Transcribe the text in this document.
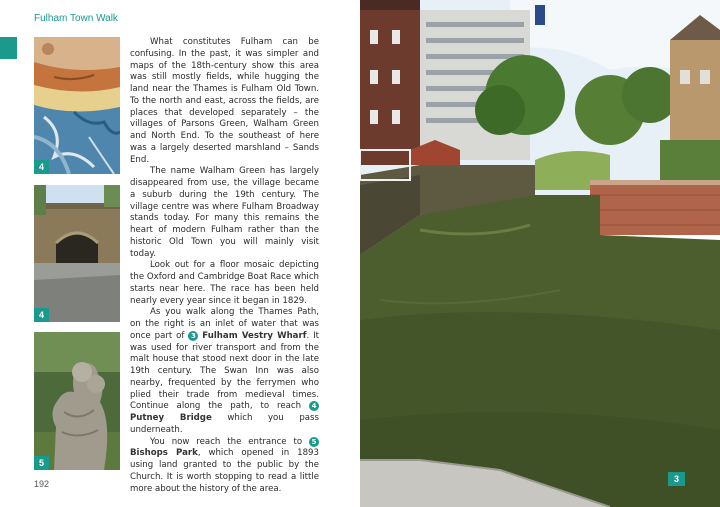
Fulham Town Walk
4
4
5

What constitutes Fulham can be confusing. In the past, it was simpler and maps of the 18th-century show this area was still mostly fields, while hugging the land near the Thames is Fulham Old Town. To the north and east, across the fields, are places that developed separately – the villages of Parsons Green, Walham Green and North End. To the southeast of here was a largely deserted marshland – Sands End.

The name Walham Green has largely disappeared from use, the village became a suburb during the 19th century. The village centre was where Fulham Broadway stands today. For many this remains the heart of modern Fulham rather than the historic Old Town you will mainly visit today.

Look out for a floor mosaic depicting the Oxford and Cambridge Boat Race which starts near here. The race has been held nearly every year since it began in 1829.

As you walk along the Thames Path, on the right is an inlet of water that was once part of 3 Fulham Vestry Wharf. It was used for river transport and from the malt house that stood next door in the late 19th century. The Swan Inn was also nearby, frequented by the ferrymen who plied their trade from medieval times. Continue along the path, to reach 4 Putney Bridge which you pass underneath.

You now reach the entrance to 5 Bishops Park, which opened in 1893 using land granted to the public by the Church. It is worth stopping to read a little more about the history of the area.

192	3
